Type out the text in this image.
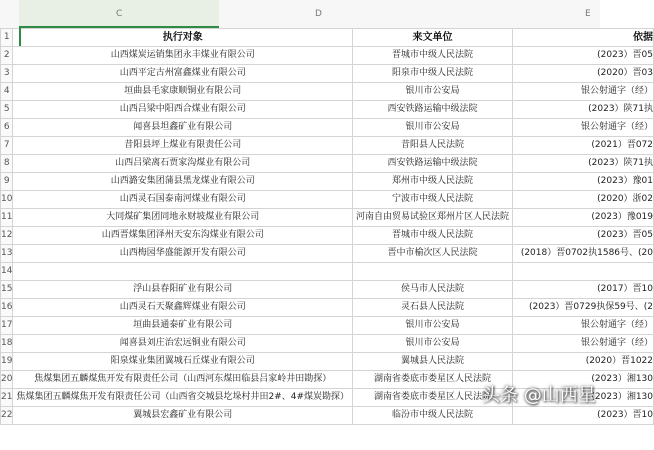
C	D	E
1	执行对象	来文单位	依据
2	山西煤炭运销集团永丰煤业有限公司	晋城市中级人民法院	(2023）晋05
3	山西平定古州富鑫煤业有限公司	阳泉市中级人民法院	(2020）晋03
4	垣曲县毛家康顺铜业有限公司	银川市公安局	银公射通字（经）
5	山西吕梁中阳西合煤业有限公司	西安铁路运输中级法院	(2023）陕71执
6	闻喜县坦鑫矿业有限公司	银川市公安局	银公射通字（经）
7	昔阳县坪上煤业有限责任公司	昔阳县人民法院	(2021）晋072
8	山西吕梁离石贾家沟煤业有限公司	西安铁路运输中级法院	(2023）陕71执
9	山西潞安集团蒲县黑龙煤业有限公司	郑州市中级人民法院	(2023）豫01
10	山西灵石国泰南河煤业有限公司	宁波市中级人民法院	(2020）浙02
11	大同煤矿集团同地永财坡煤业有限公司	河南自由贸易试验区郑州片区人民法院	(2023）豫019
12	山西晋煤集团泽州天安东沟煤业有限公司	晋城市中级人民法院	(2023）晋05
13	山西梅园华盛能源开发有限公司	晋中市榆次区人民法院	(2018）晋0702执1586号、(20
14			
15	浮山县春阳矿业有限公司	侯马市人民法院	(2017）晋10
16	山西灵石天聚鑫辉煤业有限公司	灵石县人民法院	(2023）晋0729执保59号、(2
17	垣曲县通泰矿业有限公司	银川市公安局	银公射通字（经）
18	闻喜县刘庄治宏远铜业有限公司	银川市公安局	银公射通字（经）
19	阳泉煤业集团翼城石丘煤业有限公司	翼城县人民法院	(2020）晋1022
20	焦煤集团五麟煤焦开发有限责任公司（山西河东煤田临县吕家岭井田勘探）	湖南省娄底市娄星区人民法院	(2023）湘130
21	焦煤集团五麟煤焦开发有限责任公司（山西省交城县圪垛村井田2#、4#煤炭勘探）	湖南省娄底市娄星区人民法院	(2023）湘130
22	翼城县宏鑫矿业有限公司	临汾市中级人民法院	(2023）晋10
头条 @山西星
